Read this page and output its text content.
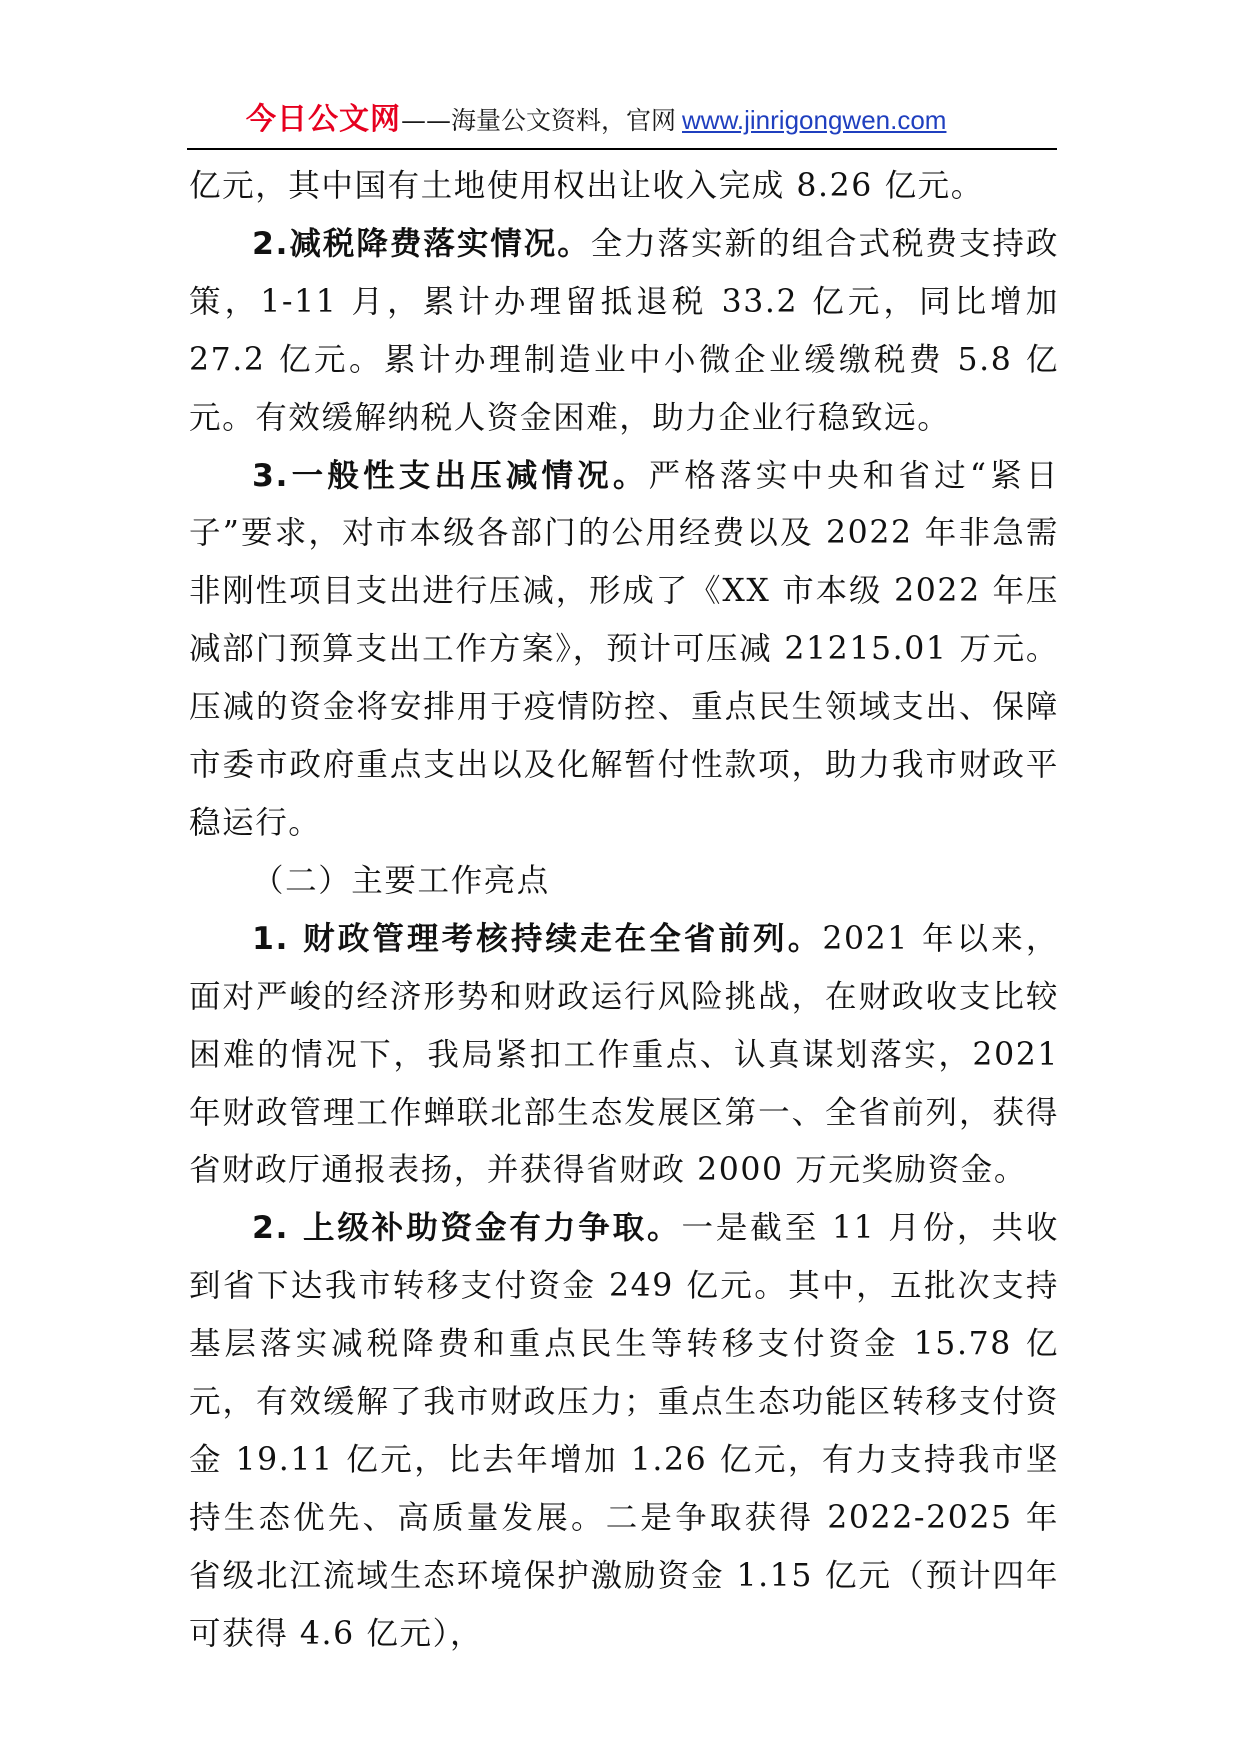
今日公文网——海量公文资料，官网 www.jinrigongwen.com

亿元，其中国有土地使用权出让收入完成 8.26 亿元。

2.减税降费落实情况。全力落实新的组合式税费支持政策，1-11 月，累计办理留抵退税 33.2 亿元，同比增加 27.2 亿元。累计办理制造业中小微企业缓缴税费 5.8 亿元。有效缓解纳税人资金困难，助力企业行稳致远。

3.一般性支出压减情况。严格落实中央和省过“紧日子”要求，对市本级各部门的公用经费以及 2022 年非急需非刚性项目支出进行压减，形成了《XX 市本级 2022 年压减部门预算支出工作方案》，预计可压减 21215.01 万元。压减的资金将安排用于疫情防控、重点民生领域支出、保障市委市政府重点支出以及化解暂付性款项，助力我市财政平稳运行。

（二）主要工作亮点

1. 财政管理考核持续走在全省前列。2021 年以来，面对严峻的经济形势和财政运行风险挑战，在财政收支比较困难的情况下，我局紧扣工作重点、认真谋划落实，2021 年财政管理工作蝉联北部生态发展区第一、全省前列，获得省财政厅通报表扬，并获得省财政 2000 万元奖励资金。

2. 上级补助资金有力争取。一是截至 11 月份，共收到省下达我市转移支付资金 249 亿元。其中，五批次支持基层落实减税降费和重点民生等转移支付资金 15.78 亿元，有效缓解了我市财政压力；重点生态功能区转移支付资金 19.11 亿元，比去年增加 1.26 亿元，有力支持我市坚持生态优先、高质量发展。二是争取获得 2022-2025 年省级北江流域生态环境保护激励资金 1.15 亿元（预计四年可获得 4.6 亿元），
